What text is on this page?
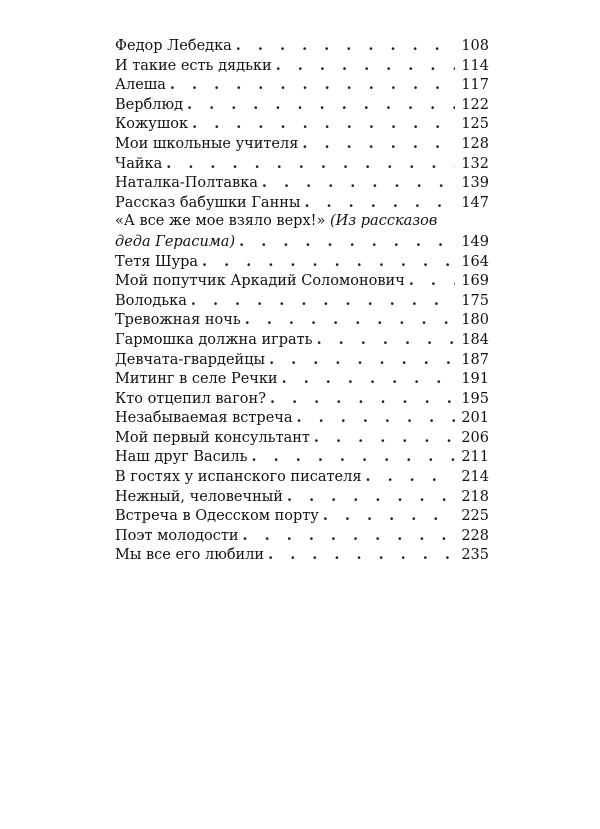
Федор Лебедка . . .	108
И такие есть дядьки . . .	114
Алеша . . .	117
Верблюд . . .	122
Кожушок . . .	125
Мои школьные учителя . . .	128
Чайка . . .	132
Наталка-Полтавка . . .	139
Рассказ бабушки Ганны . . .	147
«А все же мое взяло верх!» (Из рассказов
деда Герасима) . . .	149
Тетя Шура . . .	164
Мой попутчик Аркадий Соломонович . . .	169
Володька . . .	175
Тревожная ночь . . .	180
Гармошка должна играть . . .	184
Девчата-гвардейцы . . .	187
Митинг в селе Речки . . .	191
Кто отцепил вагон? . . .	195
Незабываемая встреча . . .	201
Мой первый консультант . . .	206
Наш друг Василь . . .	211
В гостях у испанского писателя . . .	214
Нежный, человечный . . .	218
Встреча в Одесском порту . . .	225
Поэт молодости . . .	228
Мы все его любили . . .	235
